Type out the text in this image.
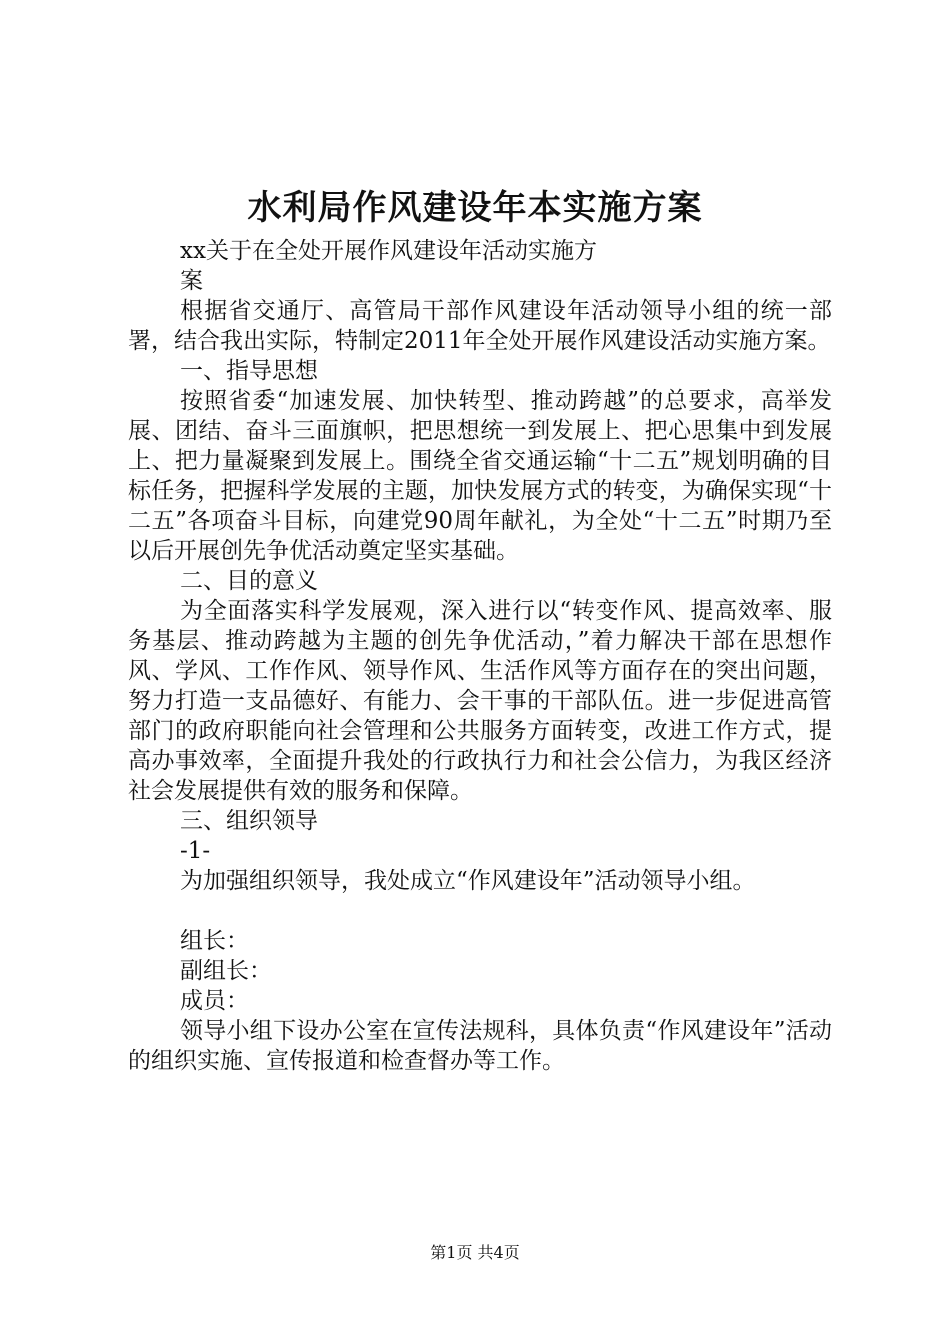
水利局作风建设年本实施方案

xx关于在全处开展作风建设年活动实施方

案

根据省交通厅、高管局干部作风建设年活动领导小组的统一部署，结合我出实际，特制定2011年全处开展作风建设活动实施方案。

一、指导思想

按照省委“加速发展、加快转型、推动跨越”的总要求，高举发展、团结、奋斗三面旗帜，把思想统一到发展上、把心思集中到发展上、把力量凝聚到发展上。围绕全省交通运输“十二五”规划明确的目标任务，把握科学发展的主题，加快发展方式的转变，为确保实现“十二五”各项奋斗目标，向建党90周年献礼，为全处“十二五”时期乃至以后开展创先争优活动奠定坚实基础。

二、目的意义

为全面落实科学发展观，深入进行以“转变作风、提高效率、服务基层、推动跨越为主题的创先争优活动，”着力解决干部在思想作风、学风、工作作风、领导作风、生活作风等方面存在的突出问题，努力打造一支品德好、有能力、会干事的干部队伍。进一步促进高管部门的政府职能向社会管理和公共服务方面转变，改进工作方式，提高办事效率，全面提升我处的行政执行力和社会公信力，为我区经济社会发展提供有效的服务和保障。

三、组织领导

-1-

为加强组织领导，我处成立“作风建设年”活动领导小组。

组长：

副组长：

成员：

领导小组下设办公室在宣传法规科，具体负责“作风建设年”活动的组织实施、宣传报道和检查督办等工作。

第1页 共4页
